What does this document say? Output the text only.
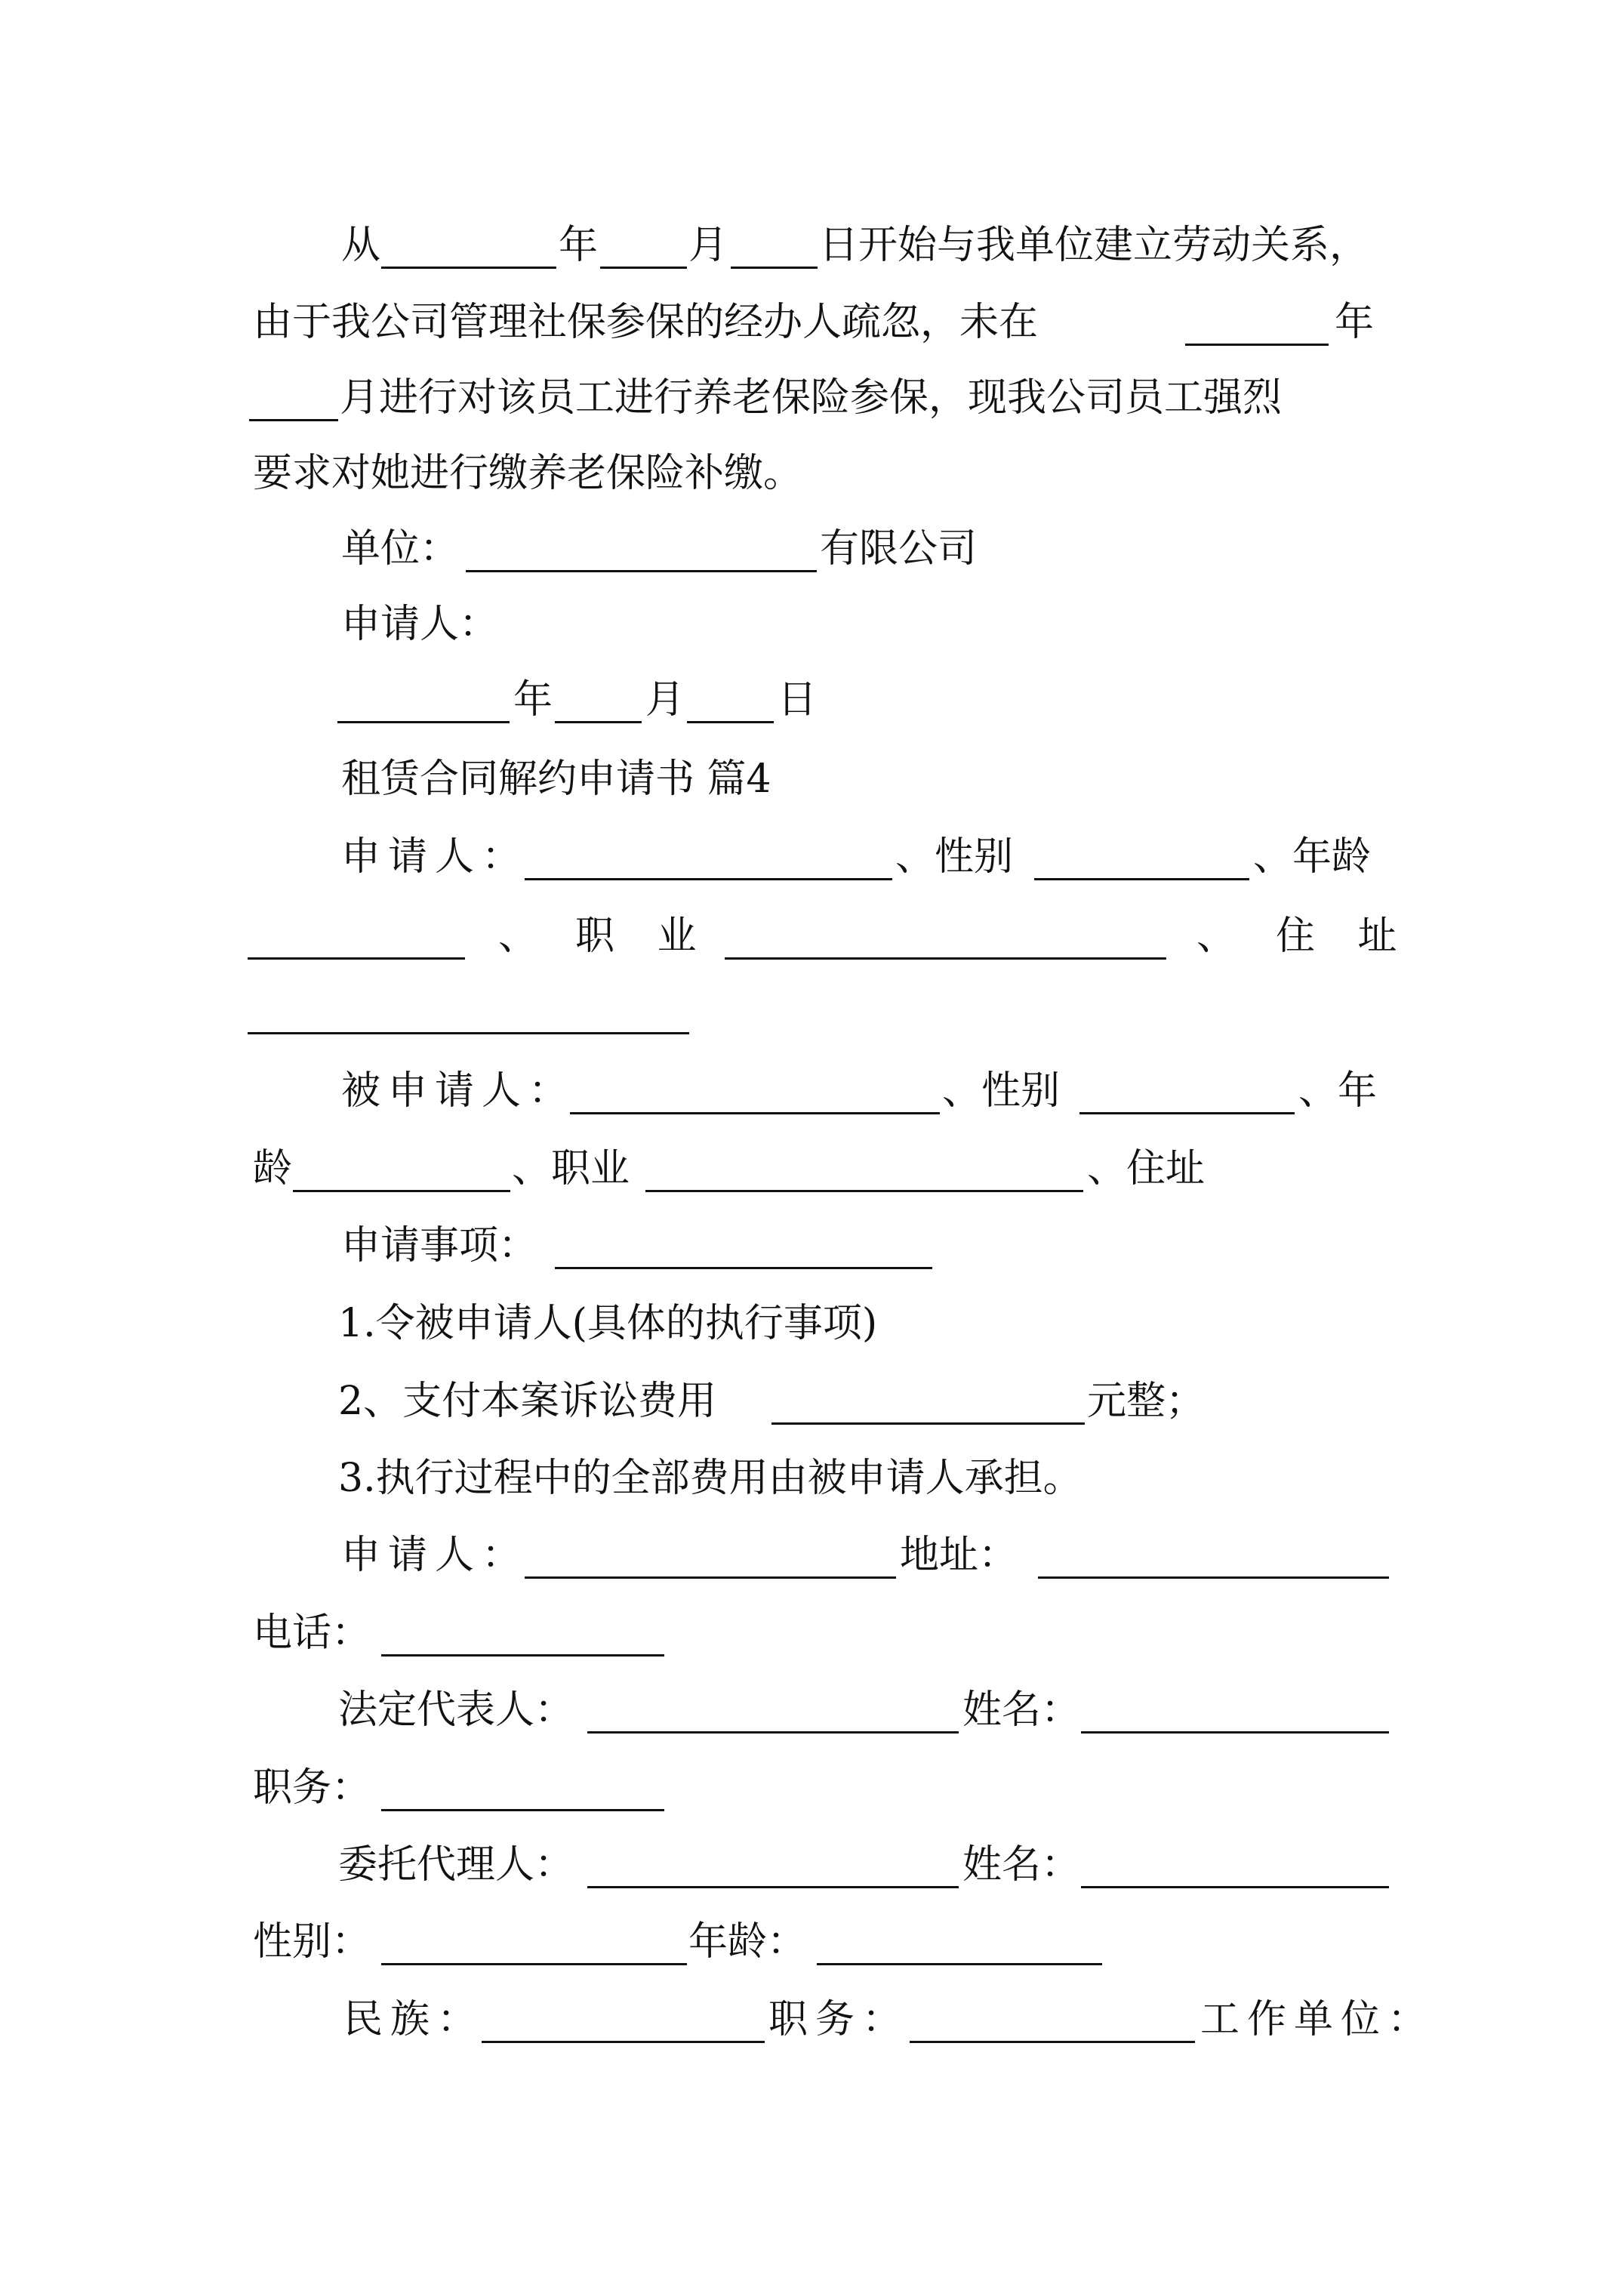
从	年 月 日开始与我单位建立劳动关系，
由于我公司管理社保参保的经办人疏忽，未在	年
月进行对该员工进行养老保险参保，现我公司员工强烈
要求对她进行缴养老保险补缴。
单位：	有限公司
申请人：
年 月 日
租赁合同解约申请书 篇4
申请人：	、性别	、年龄
、 职 业	、 住 址
被申请人：	、性别	、年
龄	、职业	、住址
申请事项：
1.令被申请人(具体的执行事项)
2、支付本案诉讼费用	元整；
3.执行过程中的全部费用由被申请人承担。
申请人：	地址：
电话：
法定代表人：	姓名：
职务：
委托代理人：	姓名：
性别：	年龄：
民族：	职务：	工作单位：
